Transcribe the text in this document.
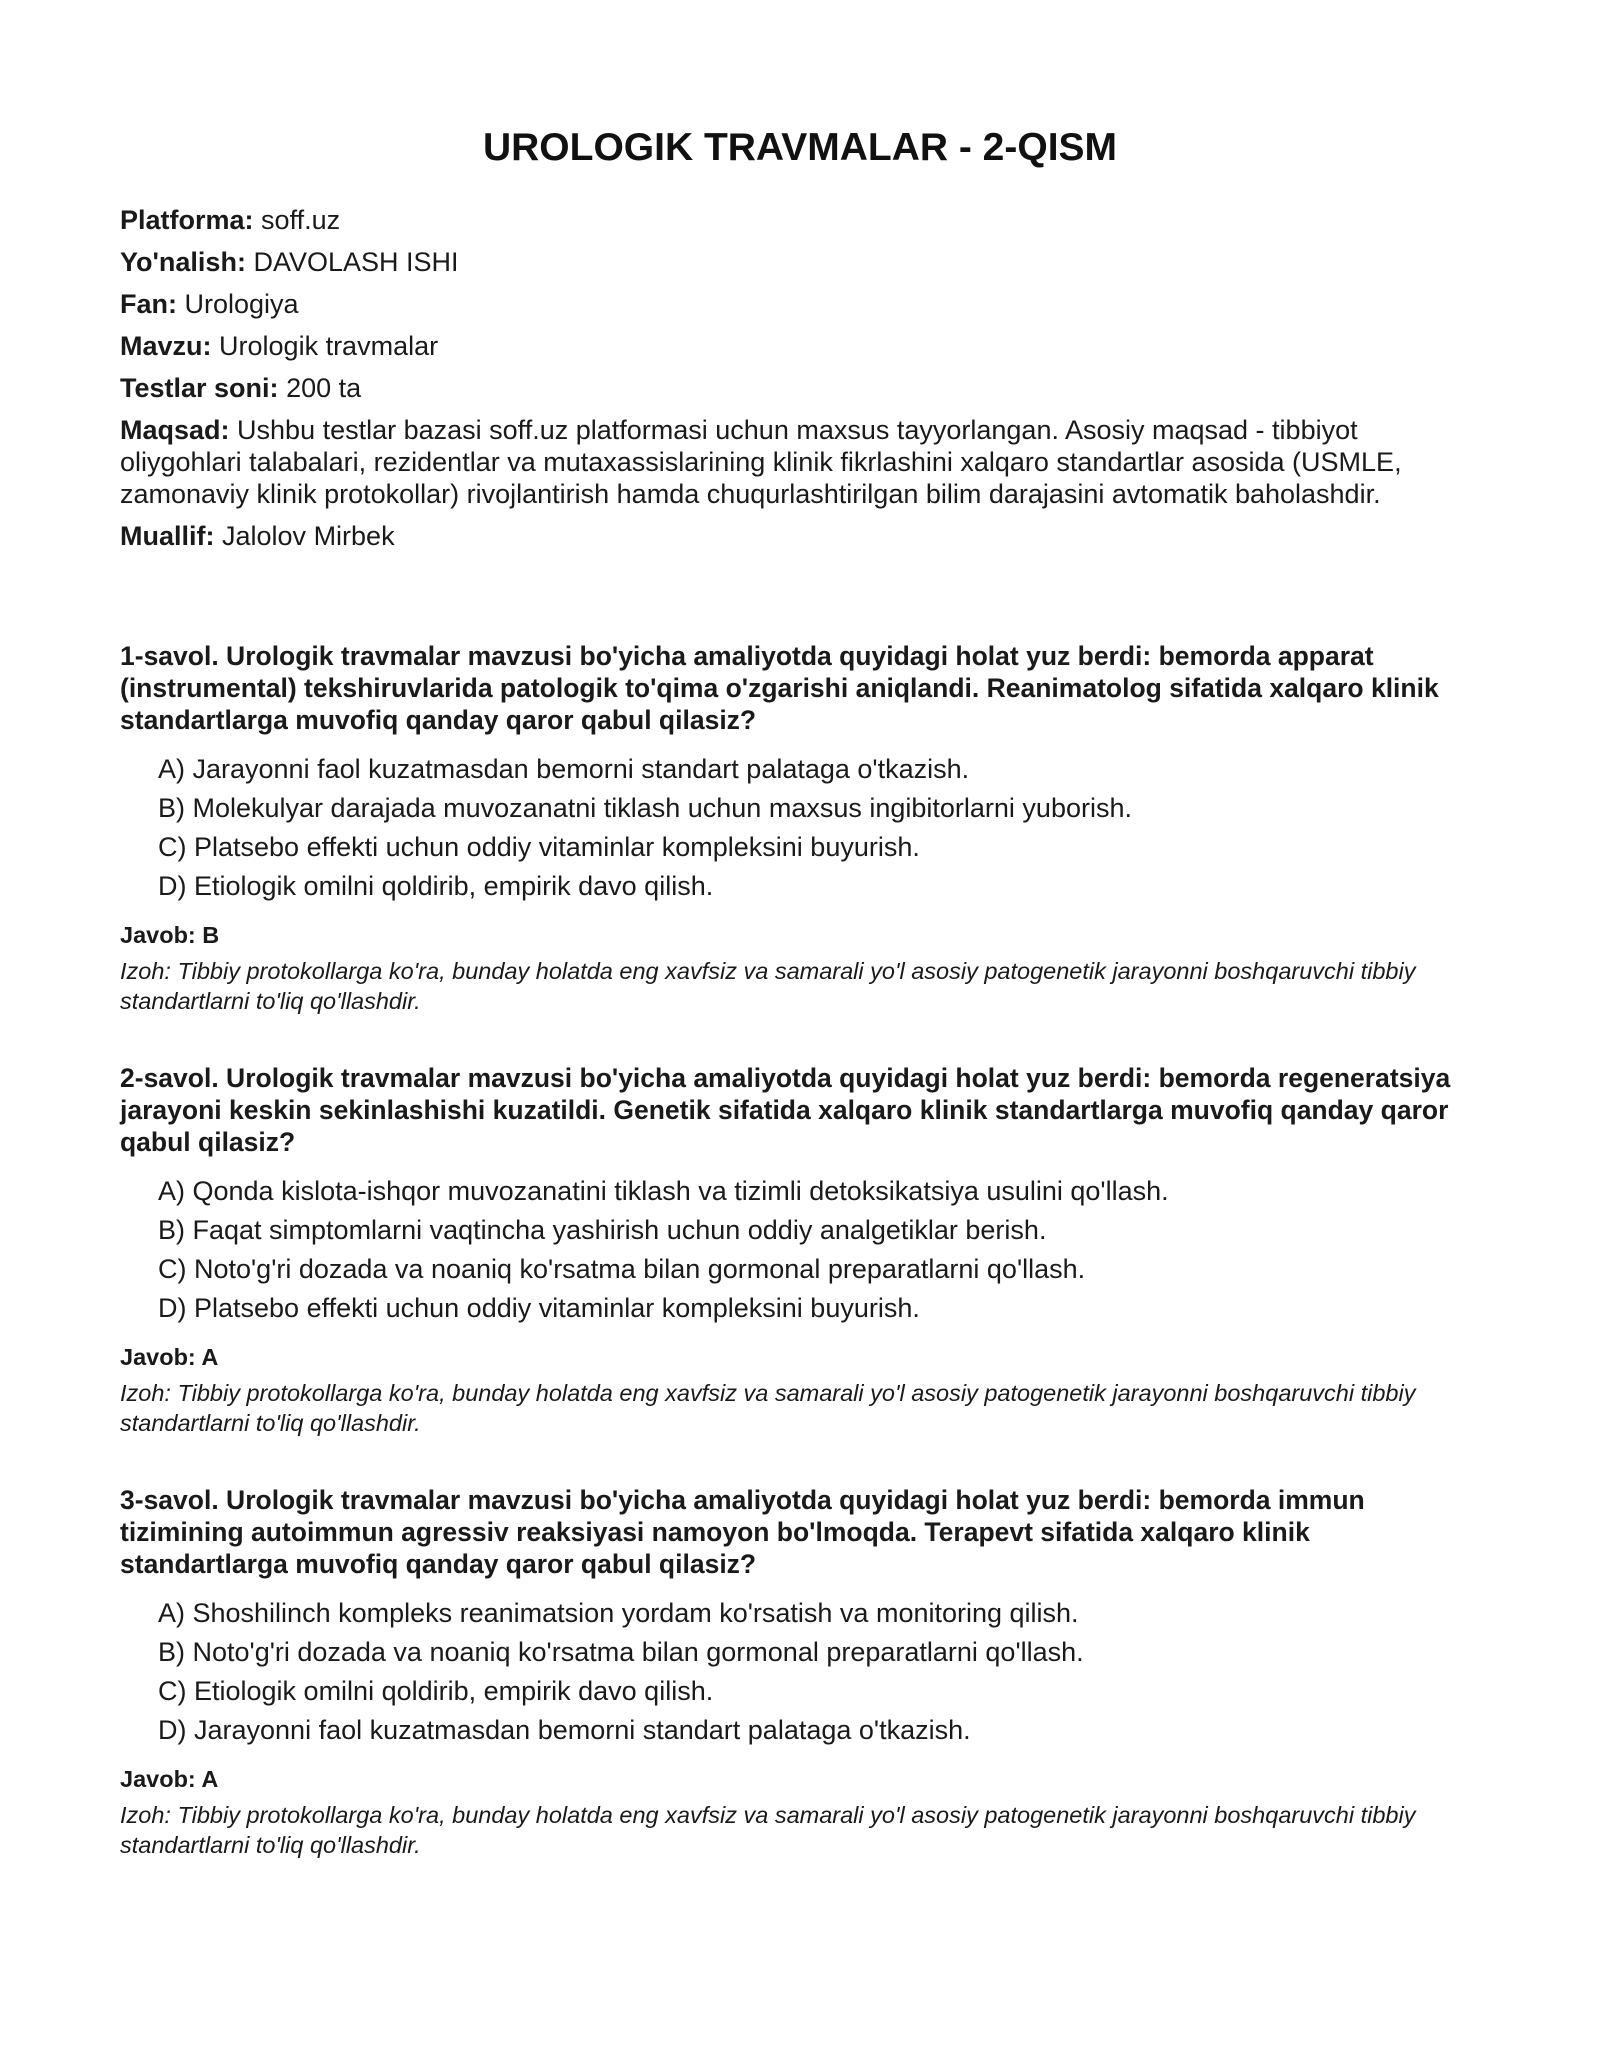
UROLOGIK TRAVMALAR - 2-QISM
Platforma: soff.uz
Yo'nalish: DAVOLASH ISHI
Fan: Urologiya
Mavzu: Urologik travmalar
Testlar soni: 200 ta
Maqsad: Ushbu testlar bazasi soff.uz platformasi uchun maxsus tayyorlangan. Asosiy maqsad - tibbiyot oliygohlari talabalari, rezidentlar va mutaxassislarining klinik fikrlashini xalqaro standartlar asosida (USMLE, zamonaviy klinik protokollar) rivojlantirish hamda chuqurlashtirilgan bilim darajasini avtomatik baholashdir.
Muallif: Jalolov Mirbek

1-savol. Urologik travmalar mavzusi bo'yicha amaliyotda quyidagi holat yuz berdi: bemorda apparat (instrumental) tekshiruvlarida patologik to'qima o'zgarishi aniqlandi. Reanimatolog sifatida xalqaro klinik standartlarga muvofiq qanday qaror qabul qilasiz?

A) Jarayonni faol kuzatmasdan bemorni standart palataga o'tkazish.
B) Molekulyar darajada muvozanatni tiklash uchun maxsus ingibitorlarni yuborish.
C) Platsebo effekti uchun oddiy vitaminlar kompleksini buyurish.
D) Etiologik omilni qoldirib, empirik davo qilish.
Javob: B
Izoh: Tibbiy protokollarga ko'ra, bunday holatda eng xavfsiz va samarali yo'l asosiy patogenetik jarayonni boshqaruvchi tibbiy standartlarni to'liq qo'llashdir.

2-savol. Urologik travmalar mavzusi bo'yicha amaliyotda quyidagi holat yuz berdi: bemorda regeneratsiya jarayoni keskin sekinlashishi kuzatildi. Genetik sifatida xalqaro klinik standartlarga muvofiq qanday qaror qabul qilasiz?

A) Qonda kislota-ishqor muvozanatini tiklash va tizimli detoksikatsiya usulini qo'llash.
B) Faqat simptomlarni vaqtincha yashirish uchun oddiy analgetiklar berish.
C) Noto'g'ri dozada va noaniq ko'rsatma bilan gormonal preparatlarni qo'llash.
D) Platsebo effekti uchun oddiy vitaminlar kompleksini buyurish.
Javob: A
Izoh: Tibbiy protokollarga ko'ra, bunday holatda eng xavfsiz va samarali yo'l asosiy patogenetik jarayonni boshqaruvchi tibbiy standartlarni to'liq qo'llashdir.

3-savol. Urologik travmalar mavzusi bo'yicha amaliyotda quyidagi holat yuz berdi: bemorda immun tizimining autoimmun agressiv reaksiyasi namoyon bo'lmoqda. Terapevt sifatida xalqaro klinik standartlarga muvofiq qanday qaror qabul qilasiz?

A) Shoshilinch kompleks reanimatsion yordam ko'rsatish va monitoring qilish.
B) Noto'g'ri dozada va noaniq ko'rsatma bilan gormonal preparatlarni qo'llash.
C) Etiologik omilni qoldirib, empirik davo qilish.
D) Jarayonni faol kuzatmasdan bemorni standart palataga o'tkazish.
Javob: A
Izoh: Tibbiy protokollarga ko'ra, bunday holatda eng xavfsiz va samarali yo'l asosiy patogenetik jarayonni boshqaruvchi tibbiy standartlarni to'liq qo'llashdir.
